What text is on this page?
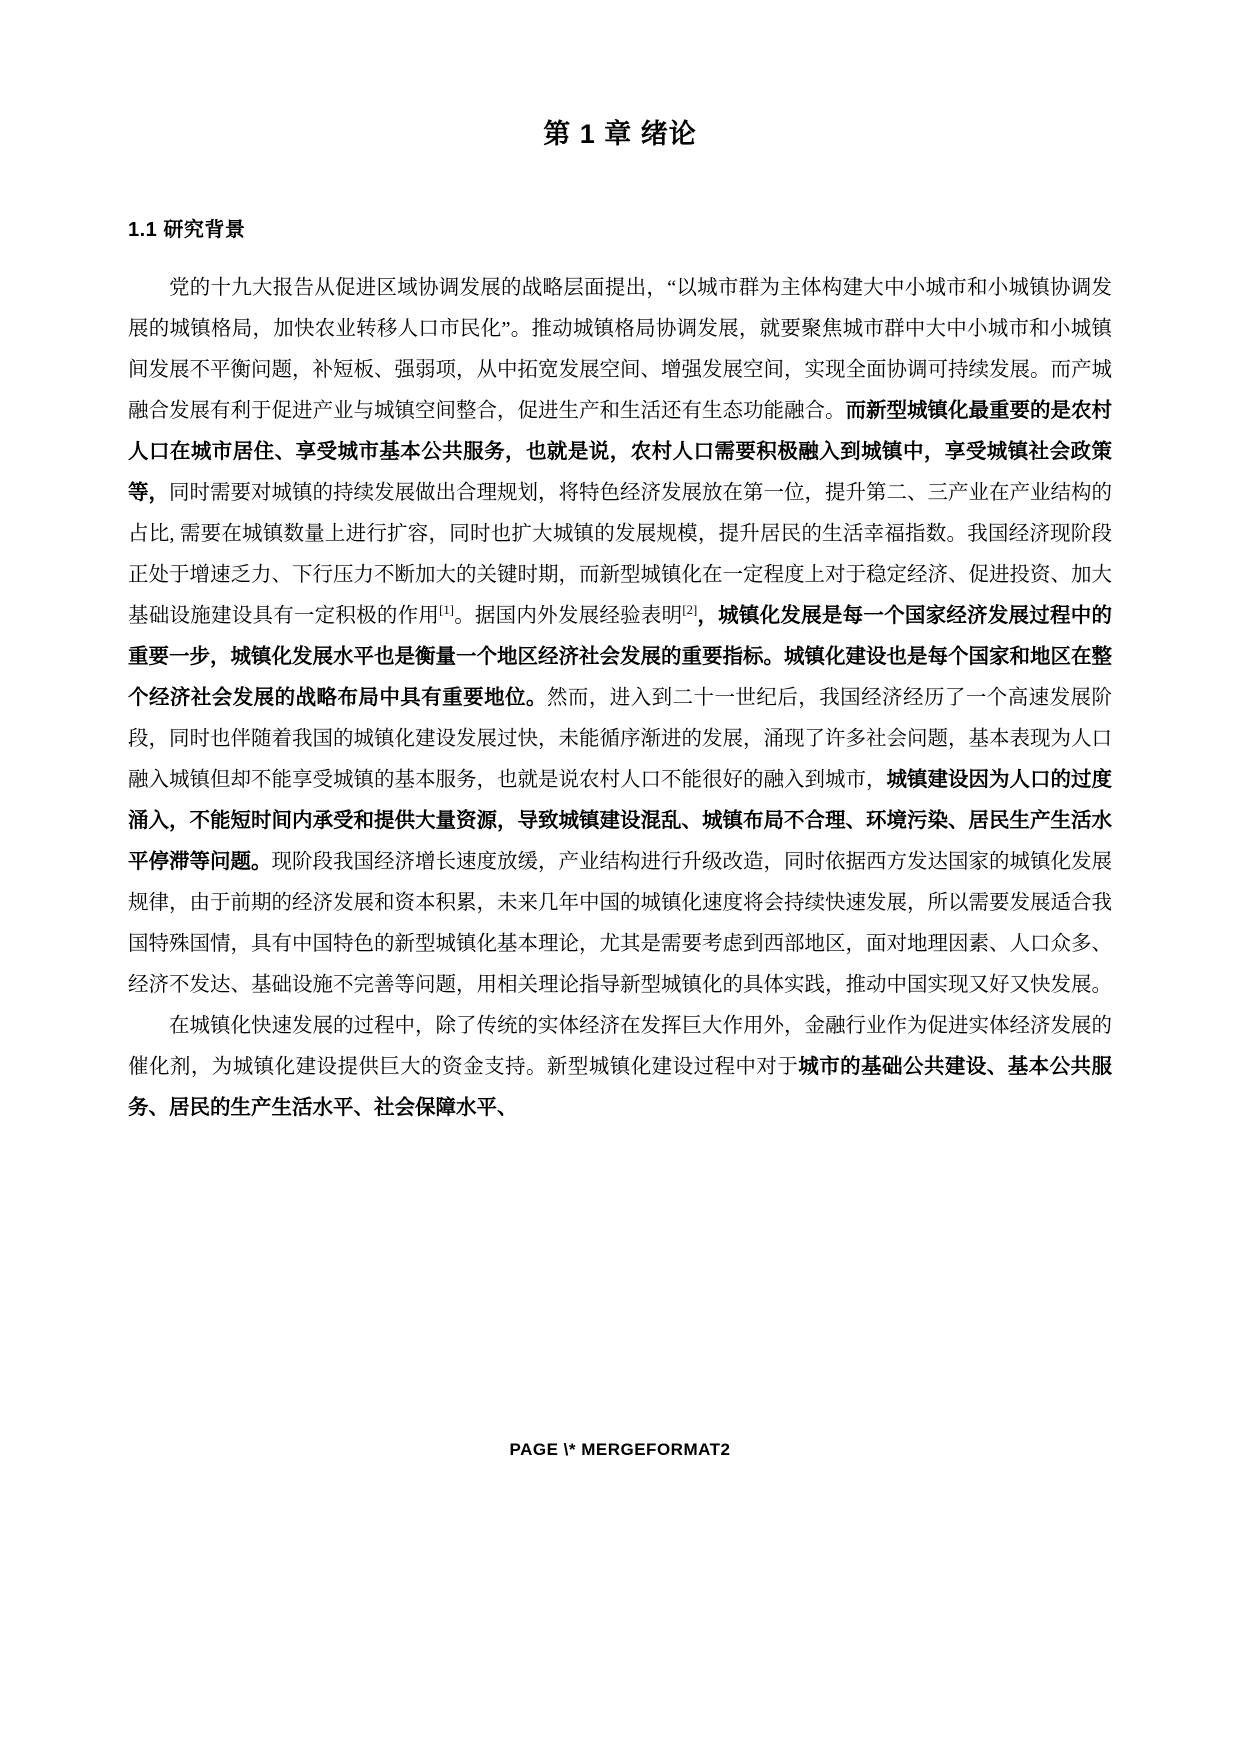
第 1 章 绪论
1.1 研究背景

党的十九大报告从促进区域协调发展的战略层面提出，“以城市群为主体构建大中小城市和小城镇协调发展的城镇格局，加快农业转移人口市民化”。推动城镇格局协调发展，就要聚焦城市群中大中小城市和小城镇间发展不平衡问题，补短板、强弱项，从中拓宽发展空间、增强发展空间，实现全面协调可持续发展。而产城融合发展有利于促进产业与城镇空间整合，促进生产和生活还有生态功能融合。而新型城镇化最重要的是农村人口在城市居住、享受城市基本公共服务，也就是说，农村人口需要积极融入到城镇中，享受城镇社会政策等，同时需要对城镇的持续发展做出合理规划，将特色经济发展放在第一位，提升第二、三产业在产业结构的占比, 需要在城镇数量上进行扩容，同时也扩大城镇的发展规模，提升居民的生活幸福指数。我国经济现阶段正处于增速乏力、下行压力不断加大的关键时期，而新型城镇化在一定程度上对于稳定经济、促进投资、加大基础设施建设具有一定积极的作用[1]。据国内外发展经验表明[2]，城镇化发展是每一个国家经济发展过程中的重要一步，城镇化发展水平也是衡量一个地区经济社会发展的重要指标。城镇化建设也是每个国家和地区在整个经济社会发展的战略布局中具有重要地位。然而，进入到二十一世纪后，我国经济经历了一个高速发展阶段，同时也伴随着我国的城镇化建设发展过快，未能循序渐进的发展，涌现了许多社会问题，基本表现为人口融入城镇但却不能享受城镇的基本服务，也就是说农村人口不能很好的融入到城市，城镇建设因为人口的过度涌入，不能短时间内承受和提供大量资源，导致城镇建设混乱、城镇布局不合理、环境污染、居民生产生活水平停滞等问题。现阶段我国经济增长速度放缓，产业结构进行升级改造，同时依据西方发达国家的城镇化发展规律，由于前期的经济发展和资本积累，未来几年中国的城镇化速度将会持续快速发展，所以需要发展适合我国特殊国情，具有中国特色的新型城镇化基本理论，尤其是需要考虑到西部地区，面对地理因素、人口众多、经济不发达、基础设施不完善等问题，用相关理论指导新型城镇化的具体实践，推动中国实现又好又快发展。

在城镇化快速发展的过程中，除了传统的实体经济在发挥巨大作用外，金融行业作为促进实体经济发展的催化剂，为城镇化建设提供巨大的资金支持。新型城镇化建设过程中对于城市的基础公共建设、基本公共服务、居民的生产生活水平、社会保障水平、

PAGE \* MERGEFORMAT2
